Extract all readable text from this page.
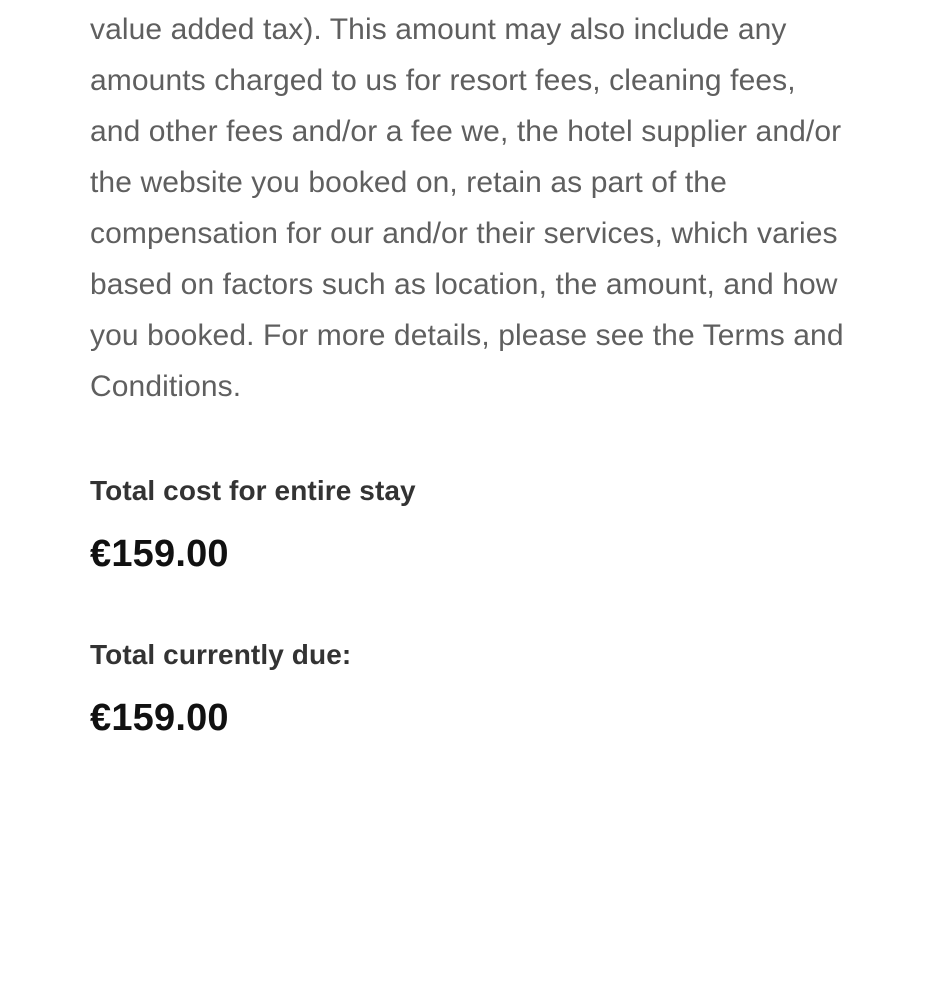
value added tax). This amount may also include any amounts charged to us for resort fees, cleaning fees, and other fees and/or a fee we, the hotel supplier and/or the website you booked on, retain as part of the compensation for our and/or their services, which varies based on factors such as location, the amount, and how you booked. For more details, please see the Terms and Conditions.

Total cost for entire stay
€159.00
Total currently due:
€159.00
